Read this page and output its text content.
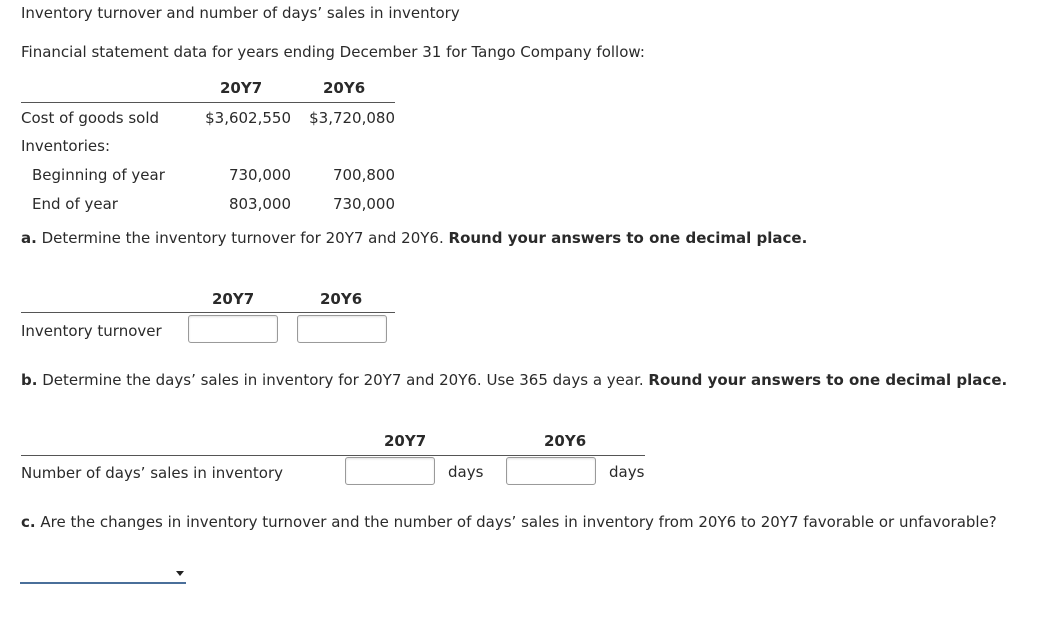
Inventory turnover and number of days’ sales in inventory
Financial statement data for years ending December 31 for Tango Company follow:
20Y7	20Y6
Cost of goods sold	$3,602,550	$3,720,080
Inventories:
Beginning of year	730,000	700,800
End of year	803,000	730,000
a. Determine the inventory turnover for 20Y7 and 20Y6. Round your answers to one decimal place.
20Y7	20Y6
Inventory turnover
b. Determine the days’ sales in inventory for 20Y7 and 20Y6. Use 365 days a year. Round your answers to one decimal place.
20Y7	20Y6
Number of days’ sales in inventory	days	days
c. Are the changes in inventory turnover and the number of days’ sales in inventory from 20Y6 to 20Y7 favorable or unfavorable?
